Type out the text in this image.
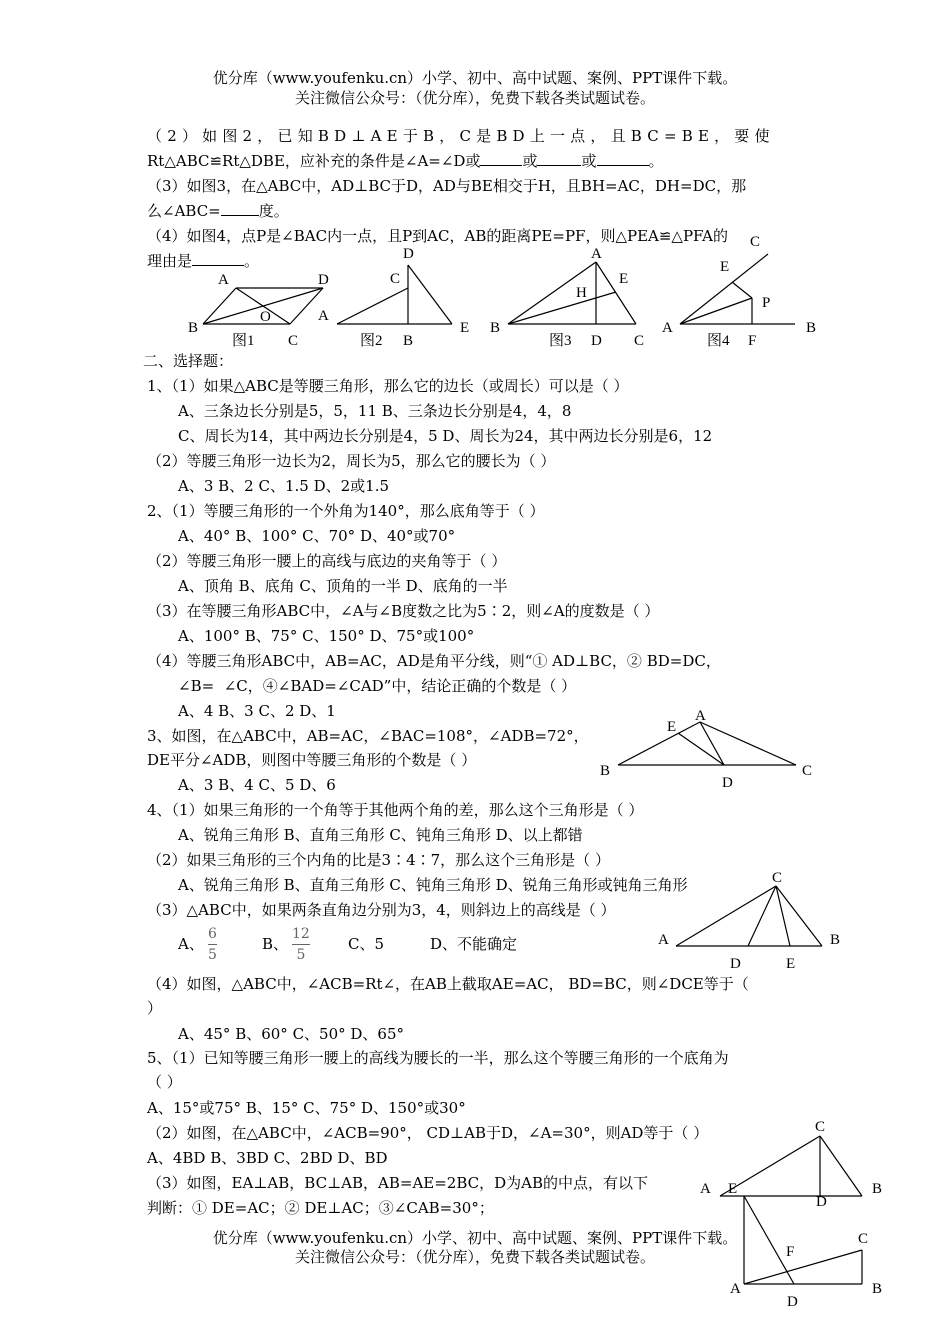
优分库（www.youfenku.cn）小学、初中、高中试题、案例、PPT课件下载。
关注微信公众号：（优分库），免费下载各类试题试卷。
（2）如图2，已知BD⊥AE于B，C是BD上一点，且BC=BE，要使
Rt△ABC≌Rt△DBE，应补充的条件是∠A=∠D或	或	或	。
（3）如图3，在△ABC中，AD⊥BC于D，AD与BE相交于H，且BH=AC，DH=DC，那
么∠ABC=	度。
（4）如图4，点P是∠BAC内一点，且P到AC，AB的距离PE=PF，则△PEA≌△PFA的
理由是	。
A	D
B
O
C
图1
D
C
A
E
B
图2
A
E
H
B
D C
图3
C
E
P
A	B
F
图4
E
A
B
D
C
C
A	B
D	E
C
A
D
B
E
F
C
A
D
B
二、选择题：
1、（1）如果△ABC是等腰三角形，那么它的边长（或周长）可以是（ ）
A、三条边长分别是5，5，11 B、三条边长分别是4，4，8
C、周长为14，其中两边长分别是4，5 D、周长为24，其中两边长分别是6，12
（2）等腰三角形一边长为2，周长为5，那么它的腰长为（ ）
A、3 B、2 C、1.5 D、2或1.5
2、（1）等腰三角形的一个外角为140°，那么底角等于（ ）
A、40° B、100° C、70° D、40°或70°
（2）等腰三角形一腰上的高线与底边的夹角等于（ ）
A、顶角 B、底角 C、顶角的一半 D、底角的一半
（3）在等腰三角形ABC中，∠A与∠B度数之比为5∶2，则∠A的度数是（ ）
A、100° B、75° C、150° D、75°或100°
（4）等腰三角形ABC中，AB=AC，AD是角平分线，则“① AD⊥BC，② BD=DC，
∠B= ∠C，④∠BAD=∠CAD”中，结论正确的个数是（ ）
A、4 B、3 C、2 D、1
3、如图，在△ABC中，AB=AC，∠BAC=108°，∠ADB=72°，
DE平分∠ADB，则图中等腰三角形的个数是（ ）
A、3 B、4 C、5 D、6
4、（1）如果三角形的一个角等于其他两个角的差，那么这个三角形是（ ）
A、锐角三角形 B、直角三角形 C、钝角三角形 D、以上都错
（2）如果三角形的三个内角的比是3∶4∶7，那么这个三角形是（ ）
A、锐角三角形 B、直角三角形 C、钝角三角形 D、锐角三角形或钝角三角形
（3）△ABC中，如果两条直角边分别为3，4，则斜边上的高线是（ ）
A、
6
5
B、
12
5
C、5	D、不能确定
（4）如图，△ABC中，∠ACB=Rt∠，在AB上截取AE=AC， BD=BC，则∠DCE等于（
）
A、45° B、60° C、50° D、65°
5、（1）已知等腰三角形一腰上的高线为腰长的一半，那么这个等腰三角形的一个底角为
（ ）
A、15°或75° B、15° C、75° D、150°或30°
（2）如图，在△ABC中，∠ACB=90°， CD⊥AB于D，∠A=30°，则AD等于（ ）
A、4BD B、3BD C、2BD D、BD
（3）如图，EA⊥AB，BC⊥AB，AB=AE=2BC，D为AB的中点，有以下
判断：① DE=AC；② DE⊥AC；③∠CAB=30°；
优分库（www.youfenku.cn）小学、初中、高中试题、案例、PPT课件下载。
关注微信公众号：（优分库），免费下载各类试题试卷。
